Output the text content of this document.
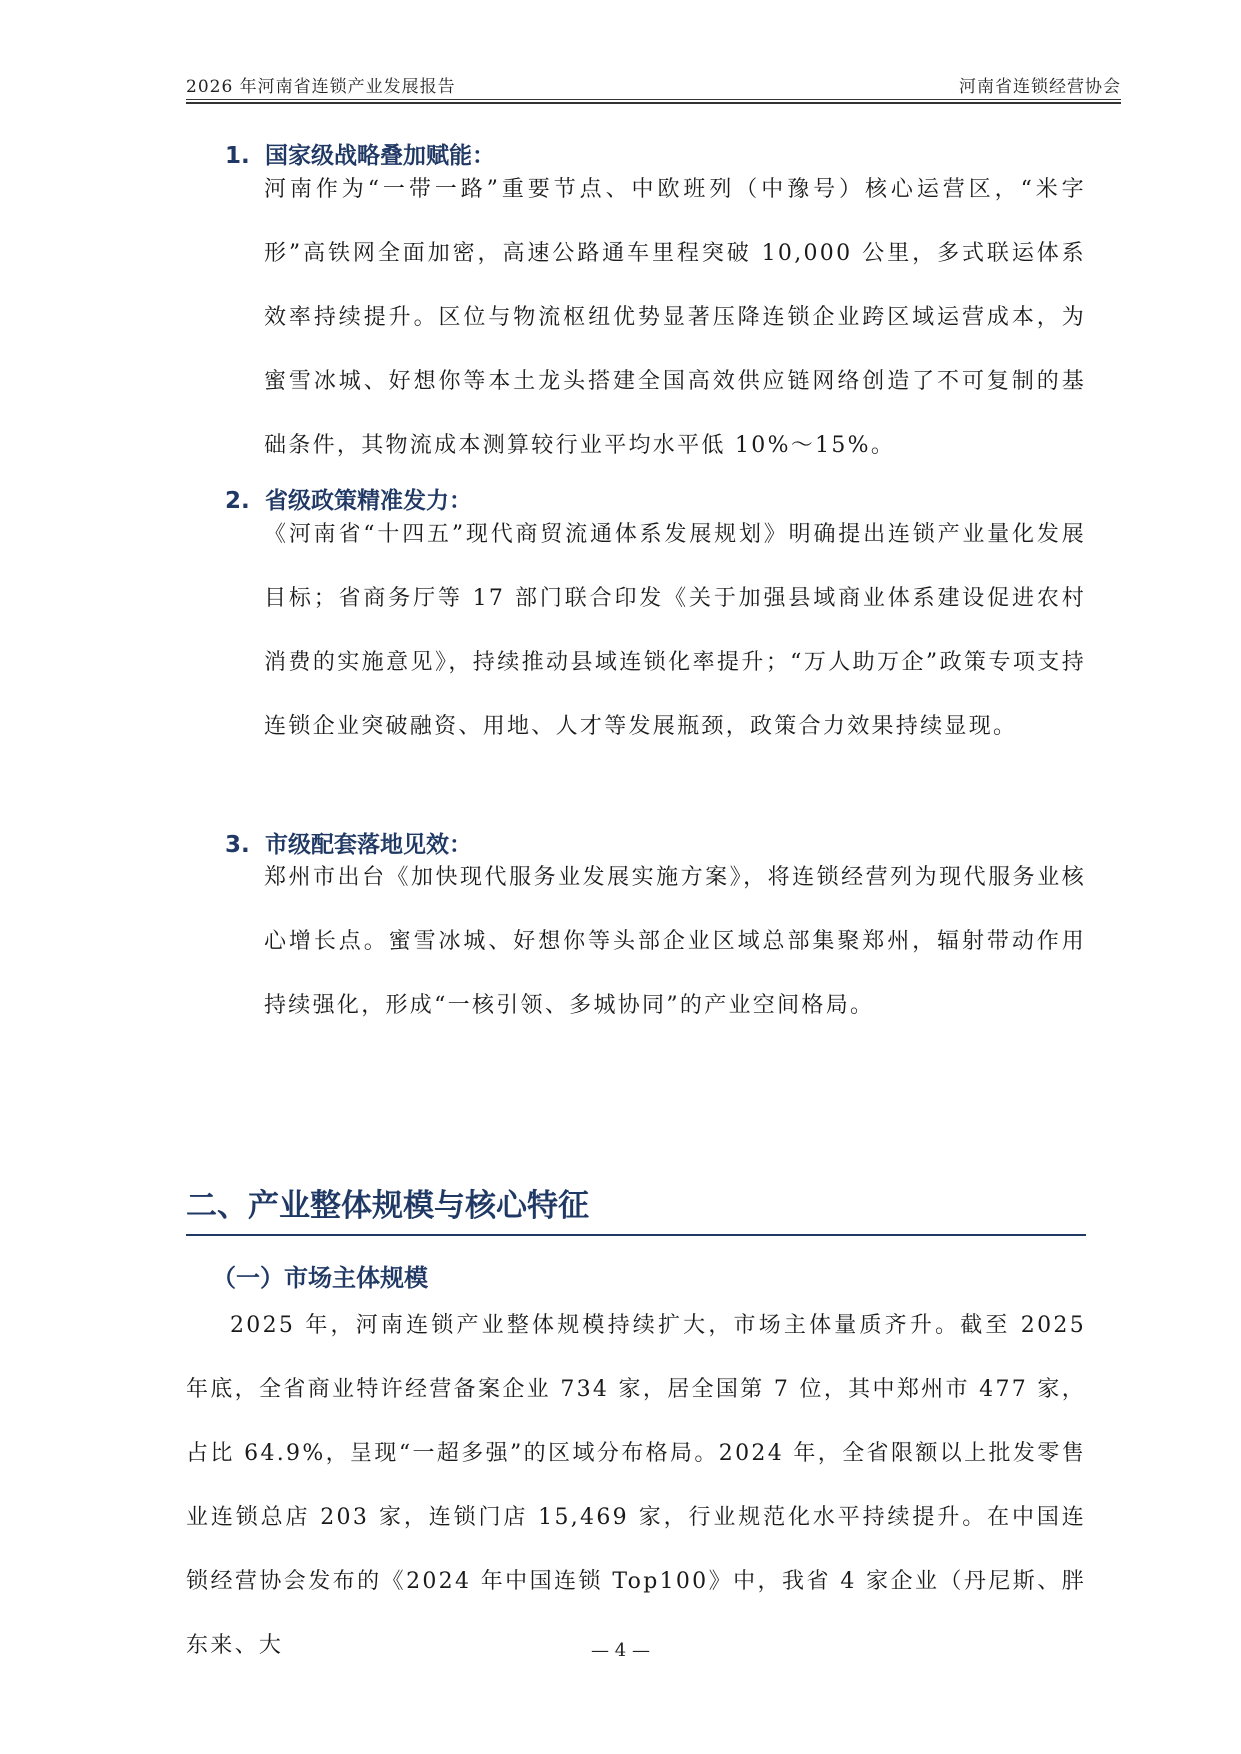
2026 年河南省连锁产业发展报告	河南省连锁经营协会
1. 国家级战略叠加赋能：

河南作为“一带一路”重要节点、中欧班列（中豫号）核心运营区，“米字形”高铁网全面加密，高速公路通车里程突破 10,000 公里，多式联运体系效率持续提升。区位与物流枢纽优势显著压降连锁企业跨区域运营成本，为蜜雪冰城、好想你等本土龙头搭建全国高效供应链网络创造了不可复制的基础条件，其物流成本测算较行业平均水平低 10%～15%。

2. 省级政策精准发力：

《河南省“十四五”现代商贸流通体系发展规划》明确提出连锁产业量化发展目标；省商务厅等 17 部门联合印发《关于加强县域商业体系建设促进农村消费的实施意见》，持续推动县域连锁化率提升；“万人助万企”政策专项支持连锁企业突破融资、用地、人才等发展瓶颈，政策合力效果持续显现。

3. 市级配套落地见效：

郑州市出台《加快现代服务业发展实施方案》，将连锁经营列为现代服务业核心增长点。蜜雪冰城、好想你等头部企业区域总部集聚郑州，辐射带动作用持续强化，形成“一核引领、多城协同”的产业空间格局。

二、产业整体规模与核心特征
（一）市场主体规模

2025 年，河南连锁产业整体规模持续扩大，市场主体量质齐升。截至 2025 年底，全省商业特许经营备案企业 734 家，居全国第 7 位，其中郑州市 477 家，占比 64.9%，呈现“一超多强”的区域分布格局。2024 年，全省限额以上批发零售业连锁总店 203 家，连锁门店 15,469 家，行业规范化水平持续提升。在中国连锁经营协会发布的《2024 年中国连锁 Top100》中，我省 4 家企业（丹尼斯、胖东来、大	— 4 —
